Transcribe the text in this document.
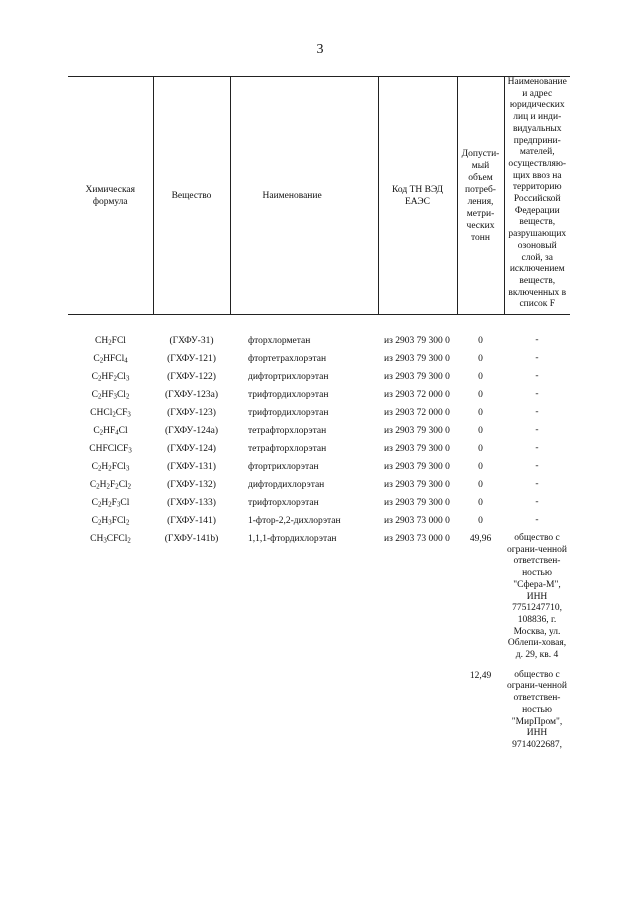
3
Химическая формула	Вещество	Наименование	Код ТН ВЭД ЕАЭС	Допусти-мый объем потреб-ления, метри-ческих тонн	Наименование и адрес юридических лиц и инди-видуальных предприни-мателей, осуществляю-щих ввоз на территорию Российской Федерации веществ, разрушающих озоновый слой, за исключением веществ, включенных в список F

$CH_2FCl$	(ГХФУ-31)	фторхлорметан	из 2903 79 300 0	0	-
$C_2HFCl_4$	(ГХФУ-121)	фтортетрахлорэтан	из 2903 79 300 0	0	-
$C_2HF_2Cl_3$	(ГХФУ-122)	дифтортрихлорэтан	из 2903 79 300 0	0	-
$C_2HF_3Cl_2$	(ГХФУ-123а)	трифтордихлорэтан	из 2903 72 000 0	0	-
$CHCl_2CF_3$	(ГХФУ-123)	трифтордихлорэтан	из 2903 72 000 0	0	-
$C_2HF_4Cl$	(ГХФУ-124а)	тетрафторхлорэтан	из 2903 79 300 0	0	-
CHFClCF$_3$	(ГХФУ-124)	тетрафторхлорэтан	из 2903 79 300 0	0	-
$C_2H_2FCl_3$	(ГХФУ-131)	фтортрихлорэтан	из 2903 79 300 0	0	-
$C_2H_2F_2Cl_2$	(ГХФУ-132)	дифтордихлорэтан	из 2903 79 300 0	0	-
$C_2H_2F_3Cl$	(ГХФУ-133)	трифторхлорэтан	из 2903 79 300 0	0	-
$C_2H_3FCl_2$	(ГХФУ-141)	1-фтор-2,2-дихлорэтан	из 2903 73 000 0	0	-
$CH_3CFCl_2$	(ГХФУ-141b)	1,1,1-фтордихлорэтан	из 2903 73 000 0	49,96	общество с ограни-ченной ответствен-ностью "Сфера-М", ИНН 7751247710, 108836, г. Москва, ул. Облепи-ховая, д. 29, кв. 4
				12,49	общество с ограни-ченной ответствен-ностью "МирПром", ИНН 9714022687,
